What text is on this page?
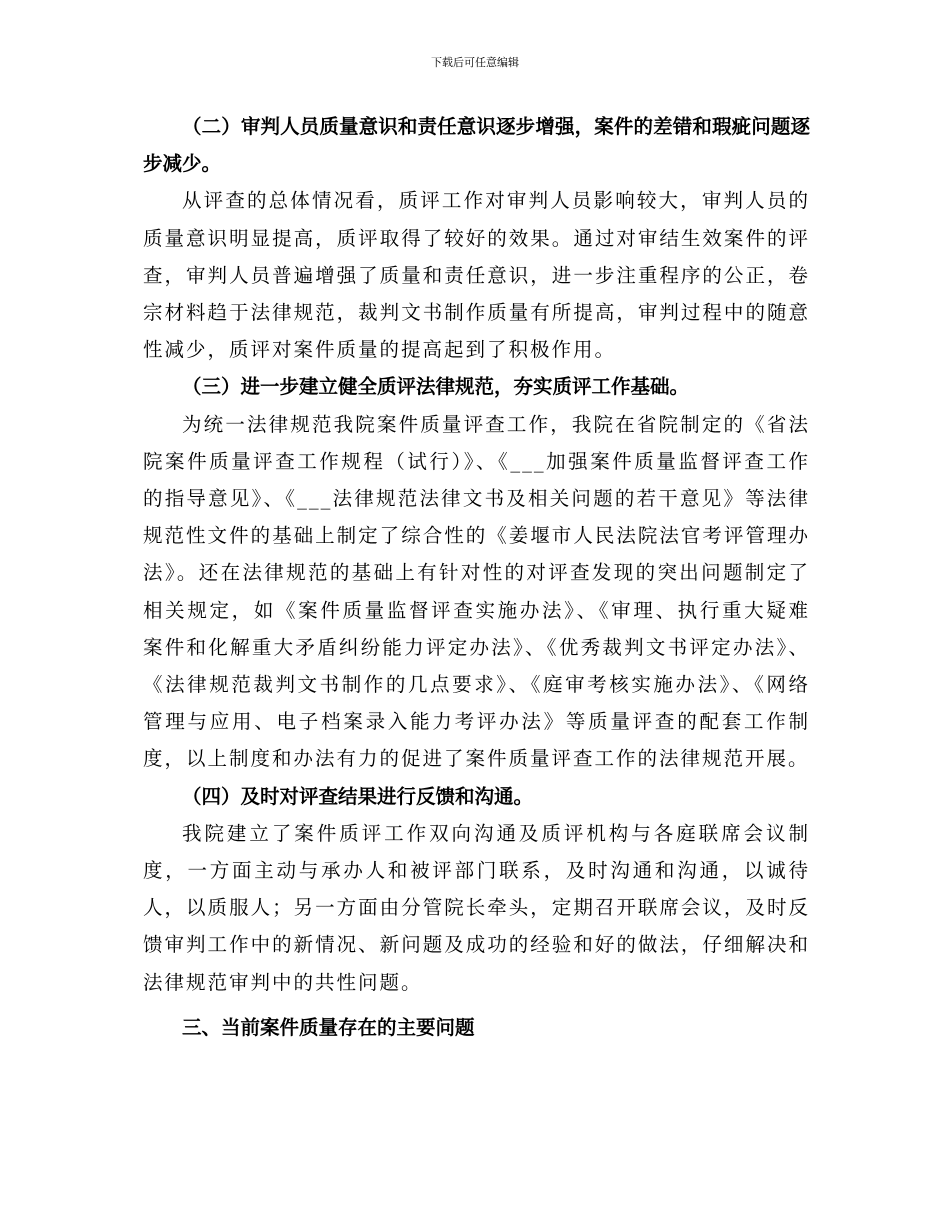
下载后可任意编辑

（二）审判人员质量意识和责任意识逐步增强，案件的差错和瑕疵问题逐步减少。

从评查的总体情况看，质评工作对审判人员影响较大，审判人员的质量意识明显提高，质评取得了较好的效果。通过对审结生效案件的评查，审判人员普遍增强了质量和责任意识，进一步注重程序的公正，卷宗材料趋于法律规范，裁判文书制作质量有所提高，审判过程中的随意性减少，质评对案件质量的提高起到了积极作用。

（三）进一步建立健全质评法律规范，夯实质评工作基础。

为统一法律规范我院案件质量评查工作，我院在省院制定的《省法院案件质量评查工作规程（试行）》、《___加强案件质量监督评查工作的指导意见》、《___法律规范法律文书及相关问题的若干意见》等法律规范性文件的基础上制定了综合性的《姜堰市人民法院法官考评管理办法》。还在法律规范的基础上有针对性的对评查发现的突出问题制定了相关规定，如《案件质量监督评查实施办法》、《审理、执行重大疑难案件和化解重大矛盾纠纷能力评定办法》、《优秀裁判文书评定办法》、《法律规范裁判文书制作的几点要求》、《庭审考核实施办法》、《网络管理与应用、电子档案录入能力考评办法》等质量评查的配套工作制度，以上制度和办法有力的促进了案件质量评查工作的法律规范开展。

（四）及时对评查结果进行反馈和沟通。

我院建立了案件质评工作双向沟通及质评机构与各庭联席会议制度，一方面主动与承办人和被评部门联系，及时沟通和沟通，以诚待人，以质服人；另一方面由分管院长牵头，定期召开联席会议，及时反馈审判工作中的新情况、新问题及成功的经验和好的做法，仔细解决和法律规范审判中的共性问题。

三、当前案件质量存在的主要问题
